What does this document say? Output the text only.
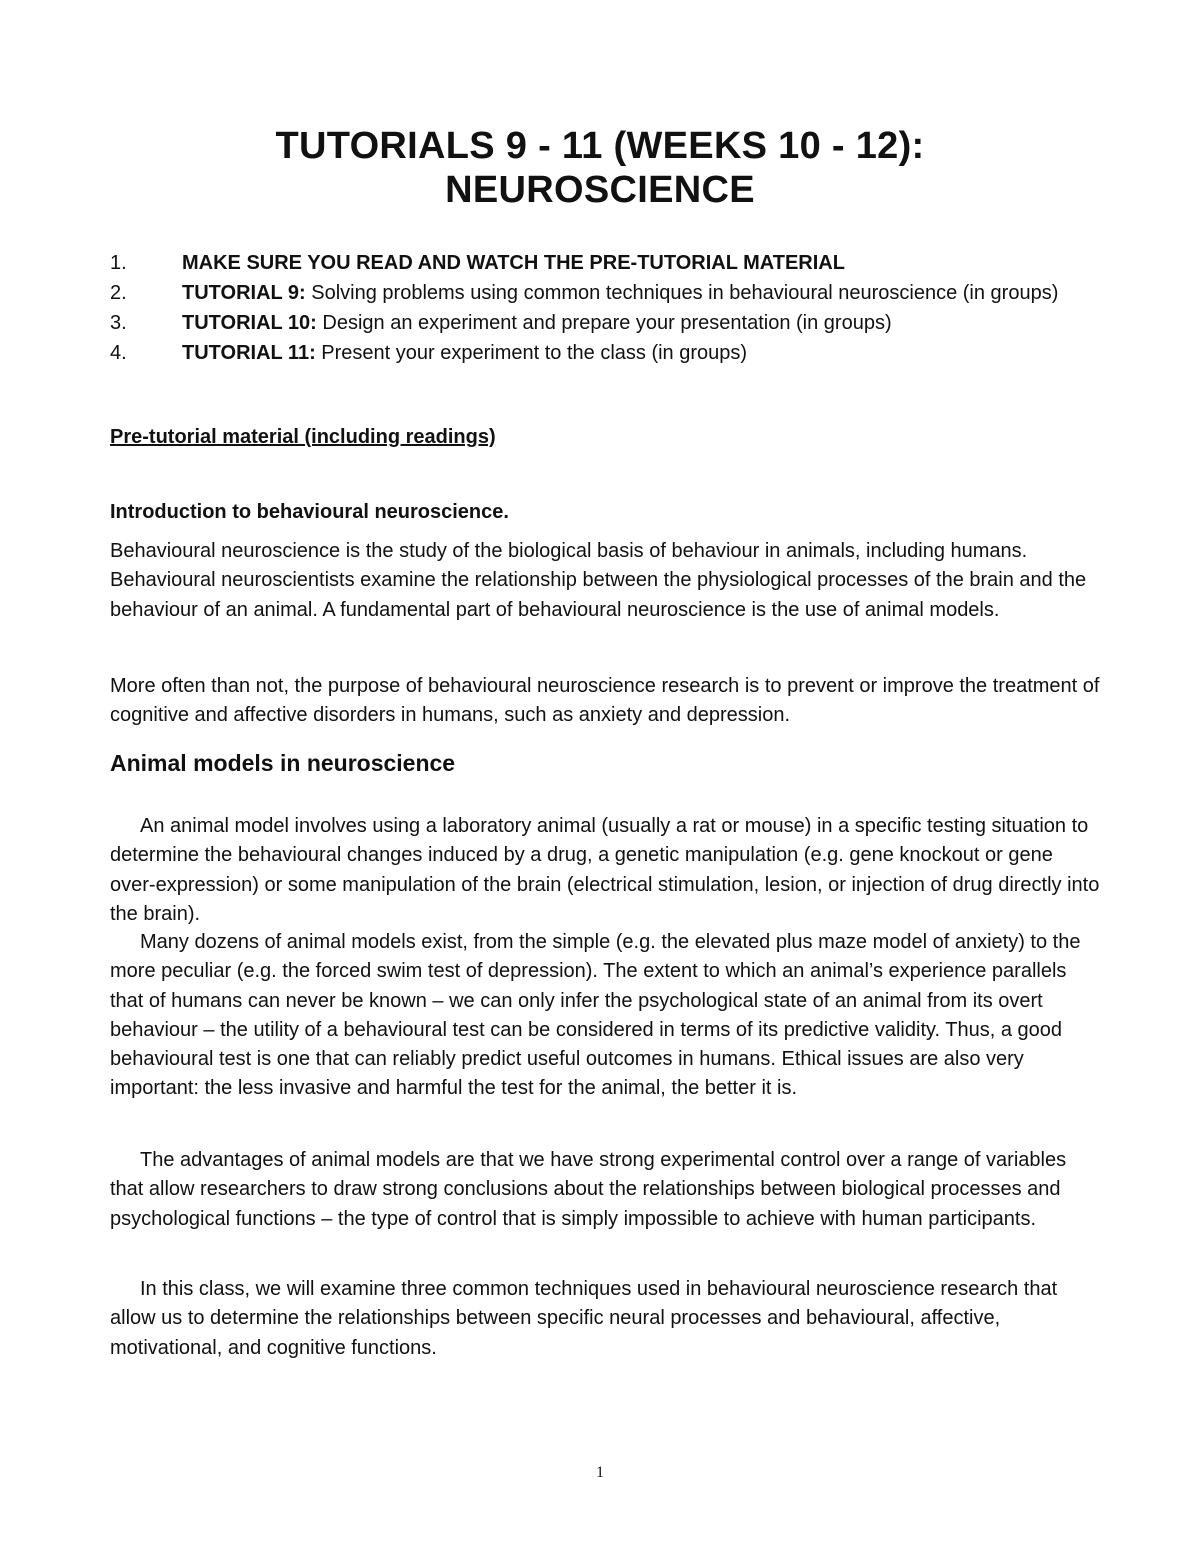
TUTORIALS 9 - 11 (WEEKS 10 - 12):
NEUROSCIENCE
1.	MAKE SURE YOU READ AND WATCH THE PRE-TUTORIAL MATERIAL
2.	TUTORIAL 9: Solving problems using common techniques in behavioural neuroscience (in groups)
3.	TUTORIAL 10: Design an experiment and prepare your presentation (in groups)
4.	TUTORIAL 11: Present your experiment to the class (in groups)
Pre-tutorial material (including readings)
Introduction to behavioural neuroscience.
Behavioural neuroscience is the study of the biological basis of behaviour in animals, including humans. Behavioural neuroscientists examine the relationship between the physiological processes of the brain and the behaviour of an animal. A fundamental part of behavioural neuroscience is the use of animal models.
More often than not, the purpose of behavioural neuroscience research is to prevent or improve the treatment of cognitive and affective disorders in humans, such as anxiety and depression.
Animal models in neuroscience
An animal model involves using a laboratory animal (usually a rat or mouse) in a specific testing situation to determine the behavioural changes induced by a drug, a genetic manipulation (e.g. gene knockout or gene over-expression) or some manipulation of the brain (electrical stimulation, lesion, or injection of drug directly into the brain).
Many dozens of animal models exist, from the simple (e.g. the elevated plus maze model of anxiety) to the more peculiar (e.g. the forced swim test of depression). The extent to which an animal’s experience parallels that of humans can never be known – we can only infer the psychological state of an animal from its overt behaviour – the utility of a behavioural test can be considered in terms of its predictive validity. Thus, a good behavioural test is one that can reliably predict useful outcomes in humans. Ethical issues are also very important: the less invasive and harmful the test for the animal, the better it is.
The advantages of animal models are that we have strong experimental control over a range of variables that allow researchers to draw strong conclusions about the relationships between biological processes and psychological functions – the type of control that is simply impossible to achieve with human participants.
In this class, we will examine three common techniques used in behavioural neuroscience research that allow us to determine the relationships between specific neural processes and behavioural, affective, motivational, and cognitive functions.
1
